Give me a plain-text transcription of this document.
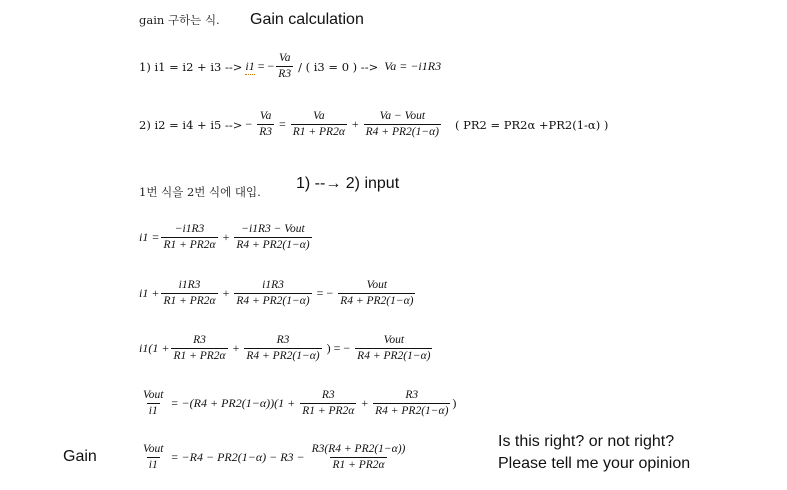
gain 구하는 식. Gain calculation
1) i1 = i2 + i3 --> i1 = − $\frac{Va}{R3}$ / ( i3 = 0 ) --> Va = −i1R3
2) i2 = i4 + i5 --> − $\frac{Va}{R3} = \frac{Va}{R1 + PR2\alpha} + \frac{\text{Va − Vout}}{R4 + PR2(1-\alpha)}$ ( PR2 = PR2α +PR2(1-α) )
1번 식을 2번 식에 대입. 1) --→ 2) input
$i1 = \frac{-i1R3}{R1 + PR2\alpha} + \frac{\text{−i1R3 − Vout}}{R4 + PR2(1-\alpha)}$
$i1 + \frac{i1R3}{R1 + PR2\alpha} + \frac{i1R3}{R4 + PR2(1-\alpha)}$ = − $\frac{\text{Vout}}{R4 + PR2(1-\alpha)}$
$i1(1 + \frac{R3}{R1 + PR2\alpha} + \frac{R3}{R4 + PR2(1-\alpha)}$ ) = − $\frac{\text{Vout}}{R4 + PR2(1-\alpha)}$
$\frac{\text{Vout}}{i1} = -(R4 + PR2(1-\alpha))(1 + \frac{R3}{R1 + PR2\alpha} + \frac{R3}{R4 + PR2(1-\alpha)}$ )
Gain	$\frac{\text{Vout}}{i1} = -R4 - PR2(1-\alpha) - R3 - \frac{R3(R4 + PR2(1-\alpha))}{R1 + PR2\alpha}$
Is this right? or not right?
Please tell me your opinion
